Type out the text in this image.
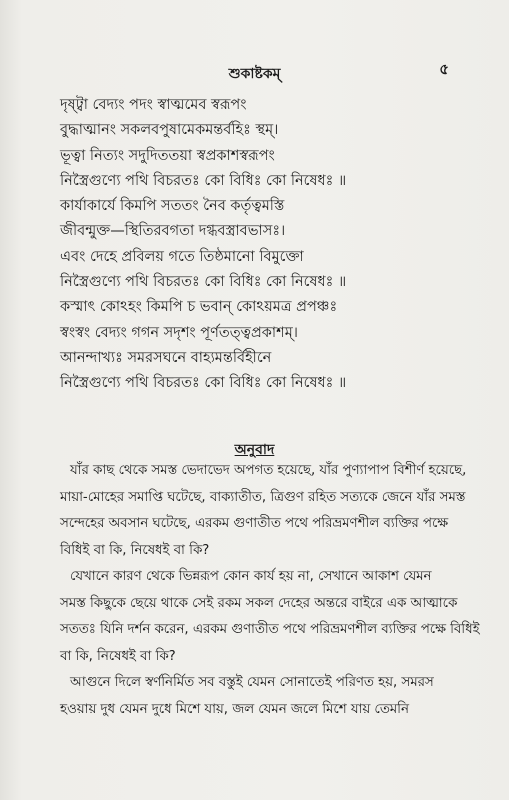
শুকাষ্টকম্	৫
দৃষ্ট্বা বেদ্যং পদং স্বাত্মমেব স্বরূপং
বুদ্ধাত্মানং সকলবপুষামেকমন্তর্বহিঃ স্থম্।
ভূত্বা নিত্যং সদুদিততয়া স্বপ্রকাশস্বরূপং
নিস্ত্রৈগুণ্যে পথি বিচরতঃ কো বিধিঃ কো নিষেধঃ ॥
কার্যাকার্যে কিমপি সততং নৈব কর্তৃত্বমস্তি
জীবন্মুক্ত—স্থিতিরবগতা দগ্ধবস্ত্রাবভাসঃ।
এবং দেহে প্রবিলয় গতে তিষ্ঠমানো বিমুক্তো
নিস্ত্রৈগুণ্যে পথি বিচরতঃ কো বিধিঃ কো নিষেধঃ ॥
কস্মাৎ কোঽহং কিমপি চ ভবান্ কোঽয়মত্র প্রপঞ্চঃ
স্বংস্বং বেদ্যং গগন সদৃশং পূর্ণতত্ত্বপ্রকাশম্।
আনন্দাখ্যঃ সমরসঘনে বাহ্যমন্তর্বিহীনে
নিস্ত্রৈগুণ্যে পথি বিচরতঃ কো বিধিঃ কো নিষেধঃ ॥
অনুবাদ
যাঁর কাছ থেকে সমস্ত ভেদাভেদ অপগত হয়েছে, যাঁর পুণ্যাপাপ বিশীর্ণ হয়েছে,
মায়া-মোহের সমাপ্তি ঘটেছে, বাক্যাতীত, ত্রিগুণ রহিত সত্যকে জেনে যাঁর সমস্ত
সন্দেহের অবসান ঘটেছে, এরকম গুণাতীত পথে পরিভ্রমণশীল ব্যক্তির পক্ষে
বিধিই বা কি, নিষেধই বা কি?
যেখানে কারণ থেকে ভিন্নরূপ কোন কার্য হয় না, সেখানে আকাশ যেমন
সমস্ত কিছুকে ছেয়ে থাকে সেই রকম সকল দেহের অন্তরে বাইরে এক আত্মাকে
সততঃ যিনি দর্শন করেন, এরকম গুণাতীত পথে পরিভ্রমণশীল ব্যক্তির পক্ষে বিধিই
বা কি, নিষেধই বা কি?
আগুনে দিলে স্বর্ণনির্মিত সব বস্তুই যেমন সোনাতেই পরিণত হয়, সমরস
হওয়ায় দুধ যেমন দুধে মিশে যায়, জল যেমন জলে মিশে যায় তেমনি
